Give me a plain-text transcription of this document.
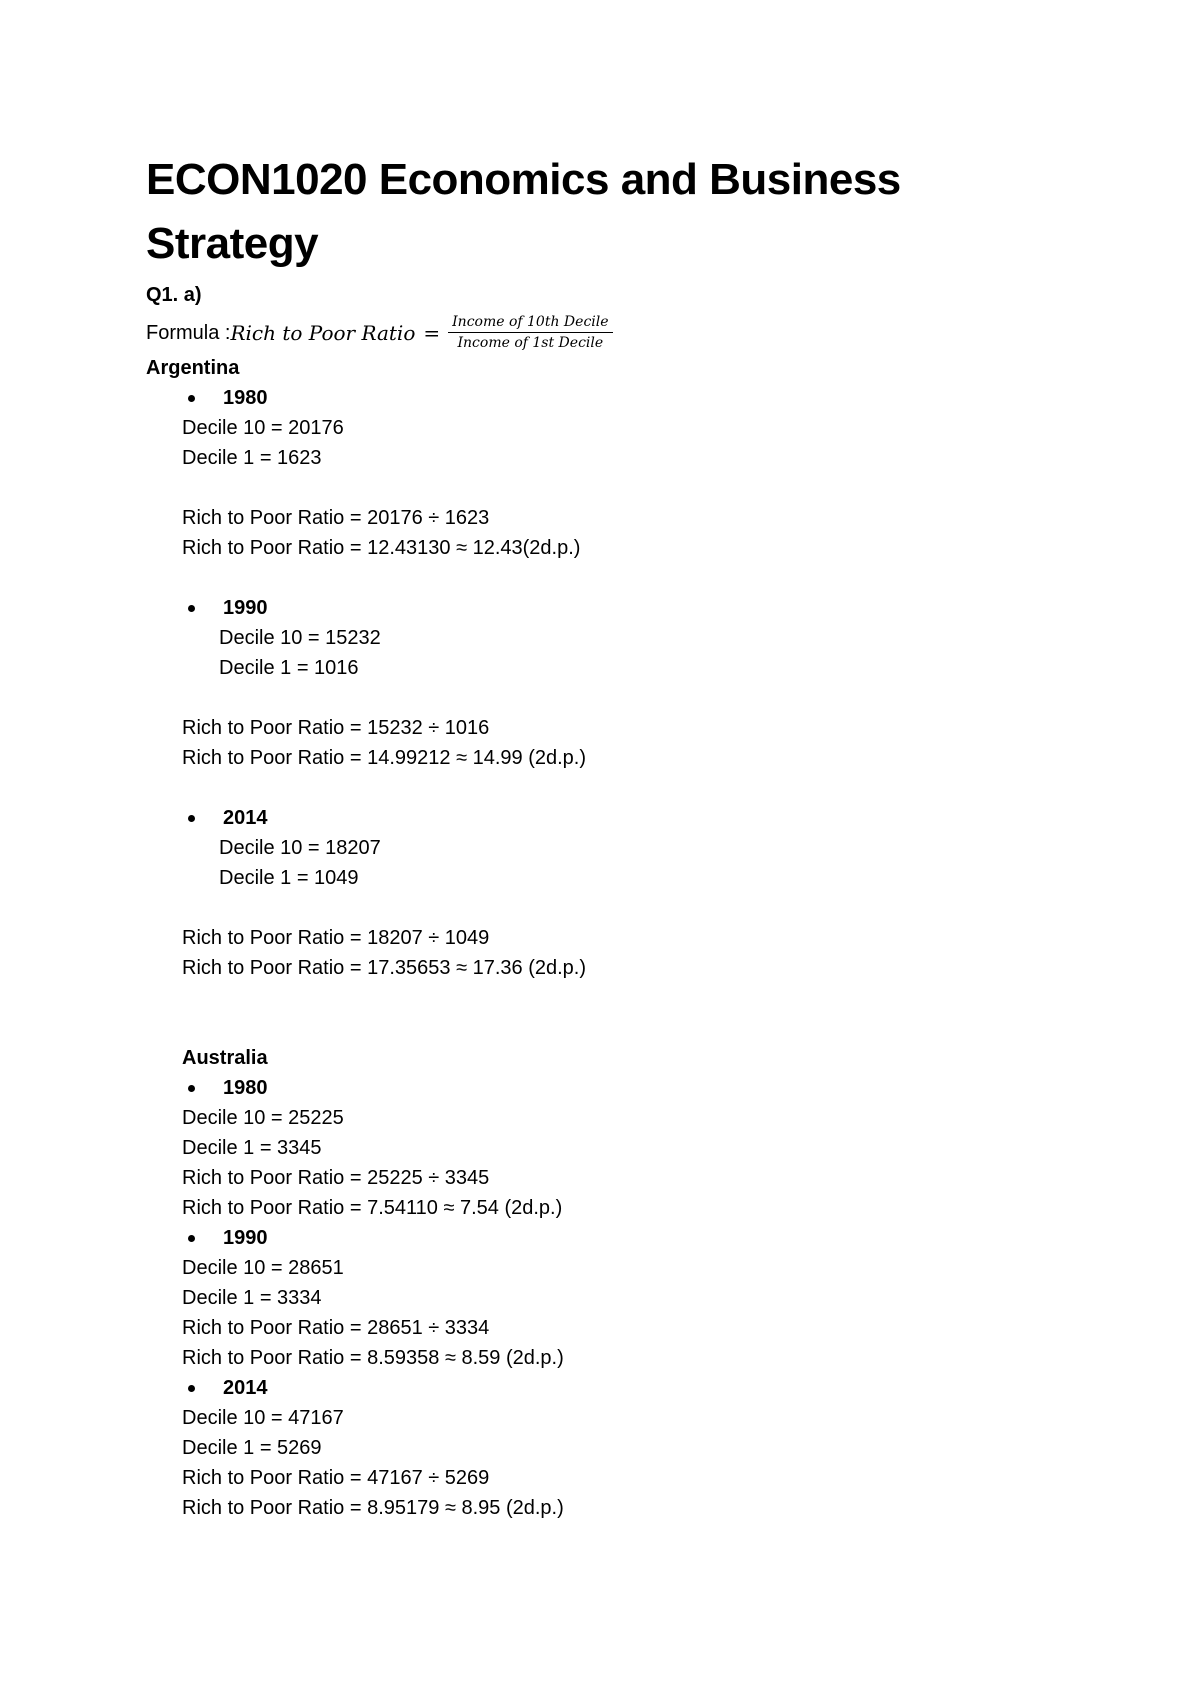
ECON1020 Economics and Business
Strategy
Q1. a)
Formula : Rich to Poor Ratio = $\frac{\text{Income of 10th Decile}}{\text{Income of 1st Decile}}$
Argentina
1980
Decile 10 = 20176
Decile 1 = 1623
Rich to Poor Ratio = 20176 ÷ 1623
Rich to Poor Ratio = 12.43130 ≈ 12.43(2d.p.)
1990
Decile 10 = 15232
Decile 1 = 1016
Rich to Poor Ratio = 15232 ÷ 1016
Rich to Poor Ratio = 14.99212 ≈ 14.99 (2d.p.)
2014
Decile 10 = 18207
Decile 1 = 1049
Rich to Poor Ratio = 18207 ÷ 1049
Rich to Poor Ratio = 17.35653 ≈ 17.36 (2d.p.)
Australia
1980
Decile 10 = 25225
Decile 1 = 3345
Rich to Poor Ratio = 25225 ÷ 3345
Rich to Poor Ratio = 7.54110 ≈ 7.54 (2d.p.)
1990
Decile 10 = 28651
Decile 1 = 3334
Rich to Poor Ratio = 28651 ÷ 3334
Rich to Poor Ratio = 8.59358 ≈ 8.59 (2d.p.)
2014
Decile 10 = 47167
Decile 1 = 5269
Rich to Poor Ratio = 47167 ÷ 5269
Rich to Poor Ratio = 8.95179 ≈ 8.95 (2d.p.)
